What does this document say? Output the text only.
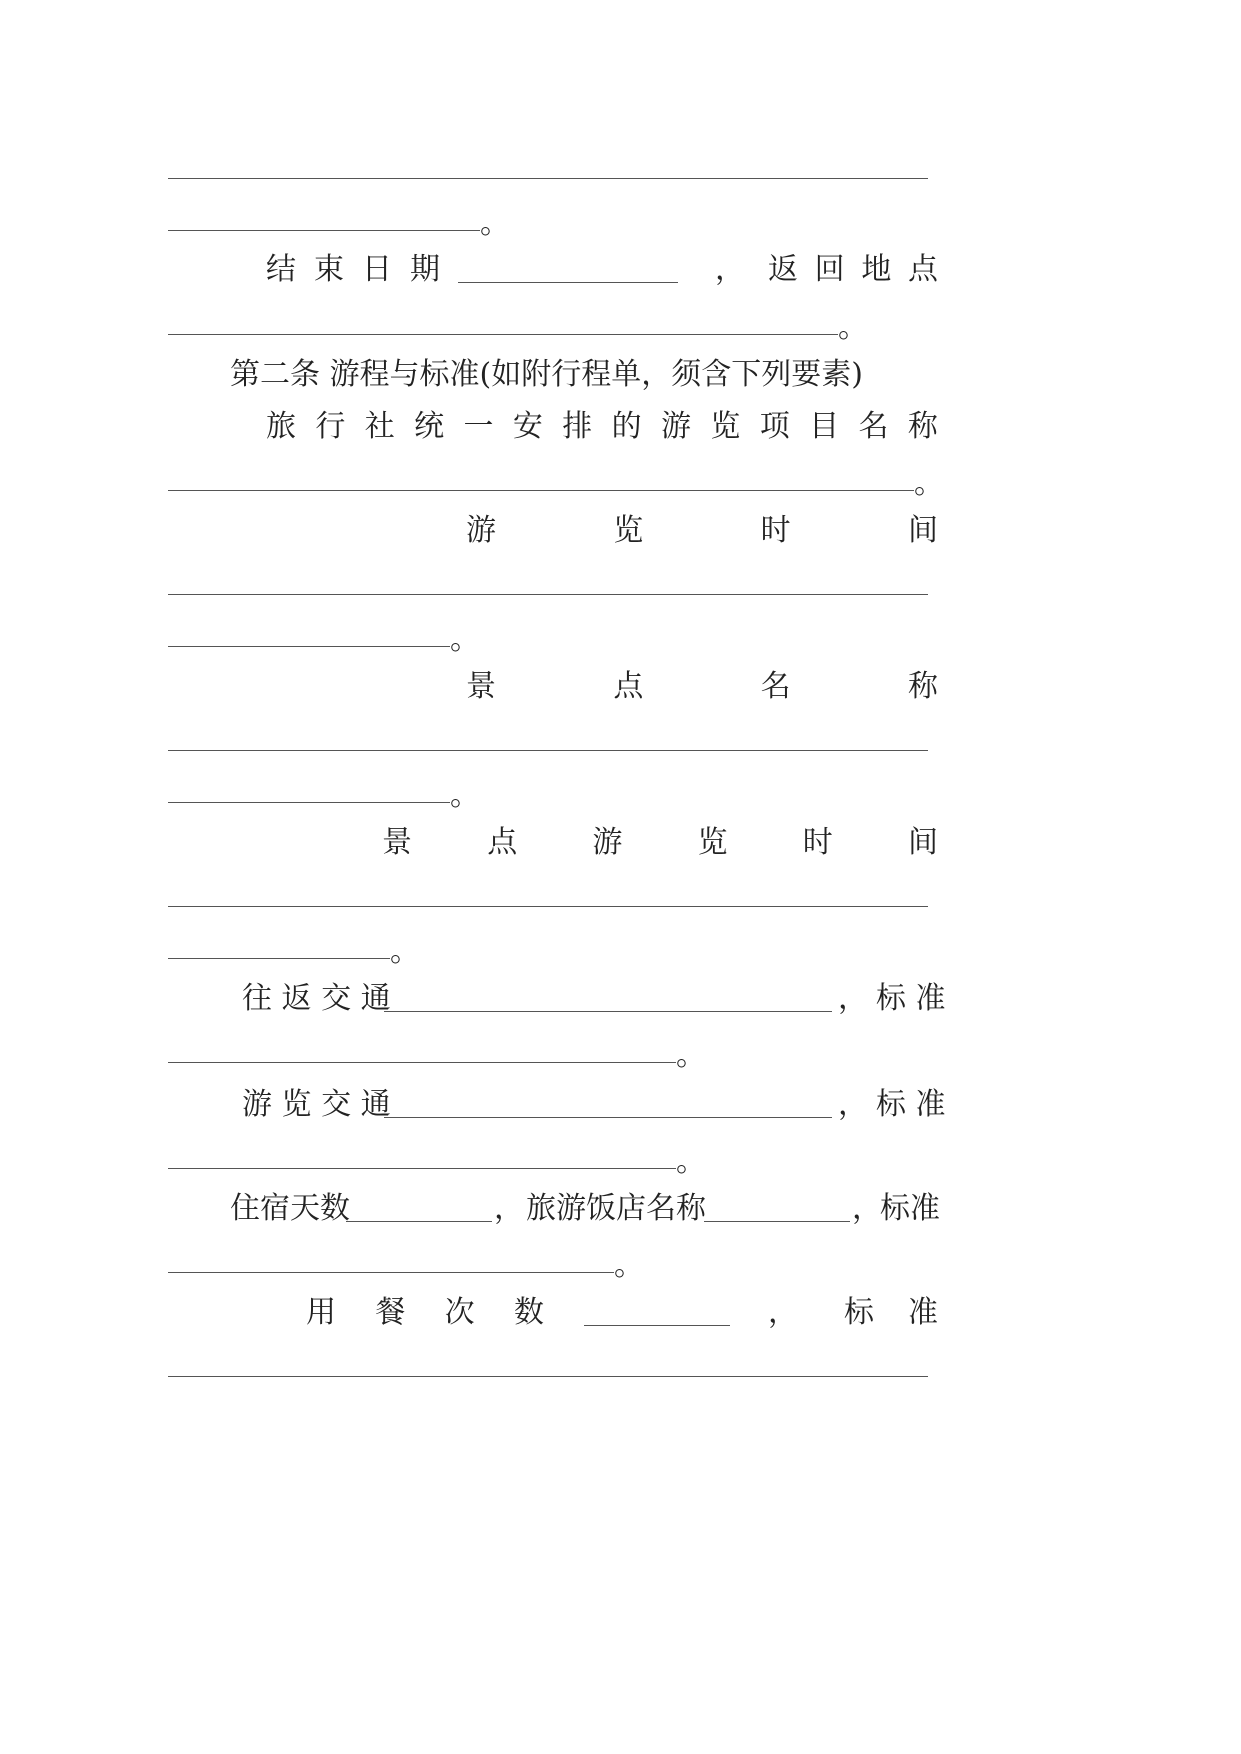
。
结 束 日 期	， 返 回 地 点
。
第二条 游程与标准(如附行程单，须含下列要素)
旅 行 社 统 一 安 排 的 游 览 项 目 名 称
。
游	览	时	间
。
景	点	名	称
。
景	点	游	览	时	间
。
往 返 交 通	， 标 准
。
游 览 交 通	， 标 准
。
住宿天数	， 旅游饭店名称	，
标准
。
用 餐 次 数	， 标 准
